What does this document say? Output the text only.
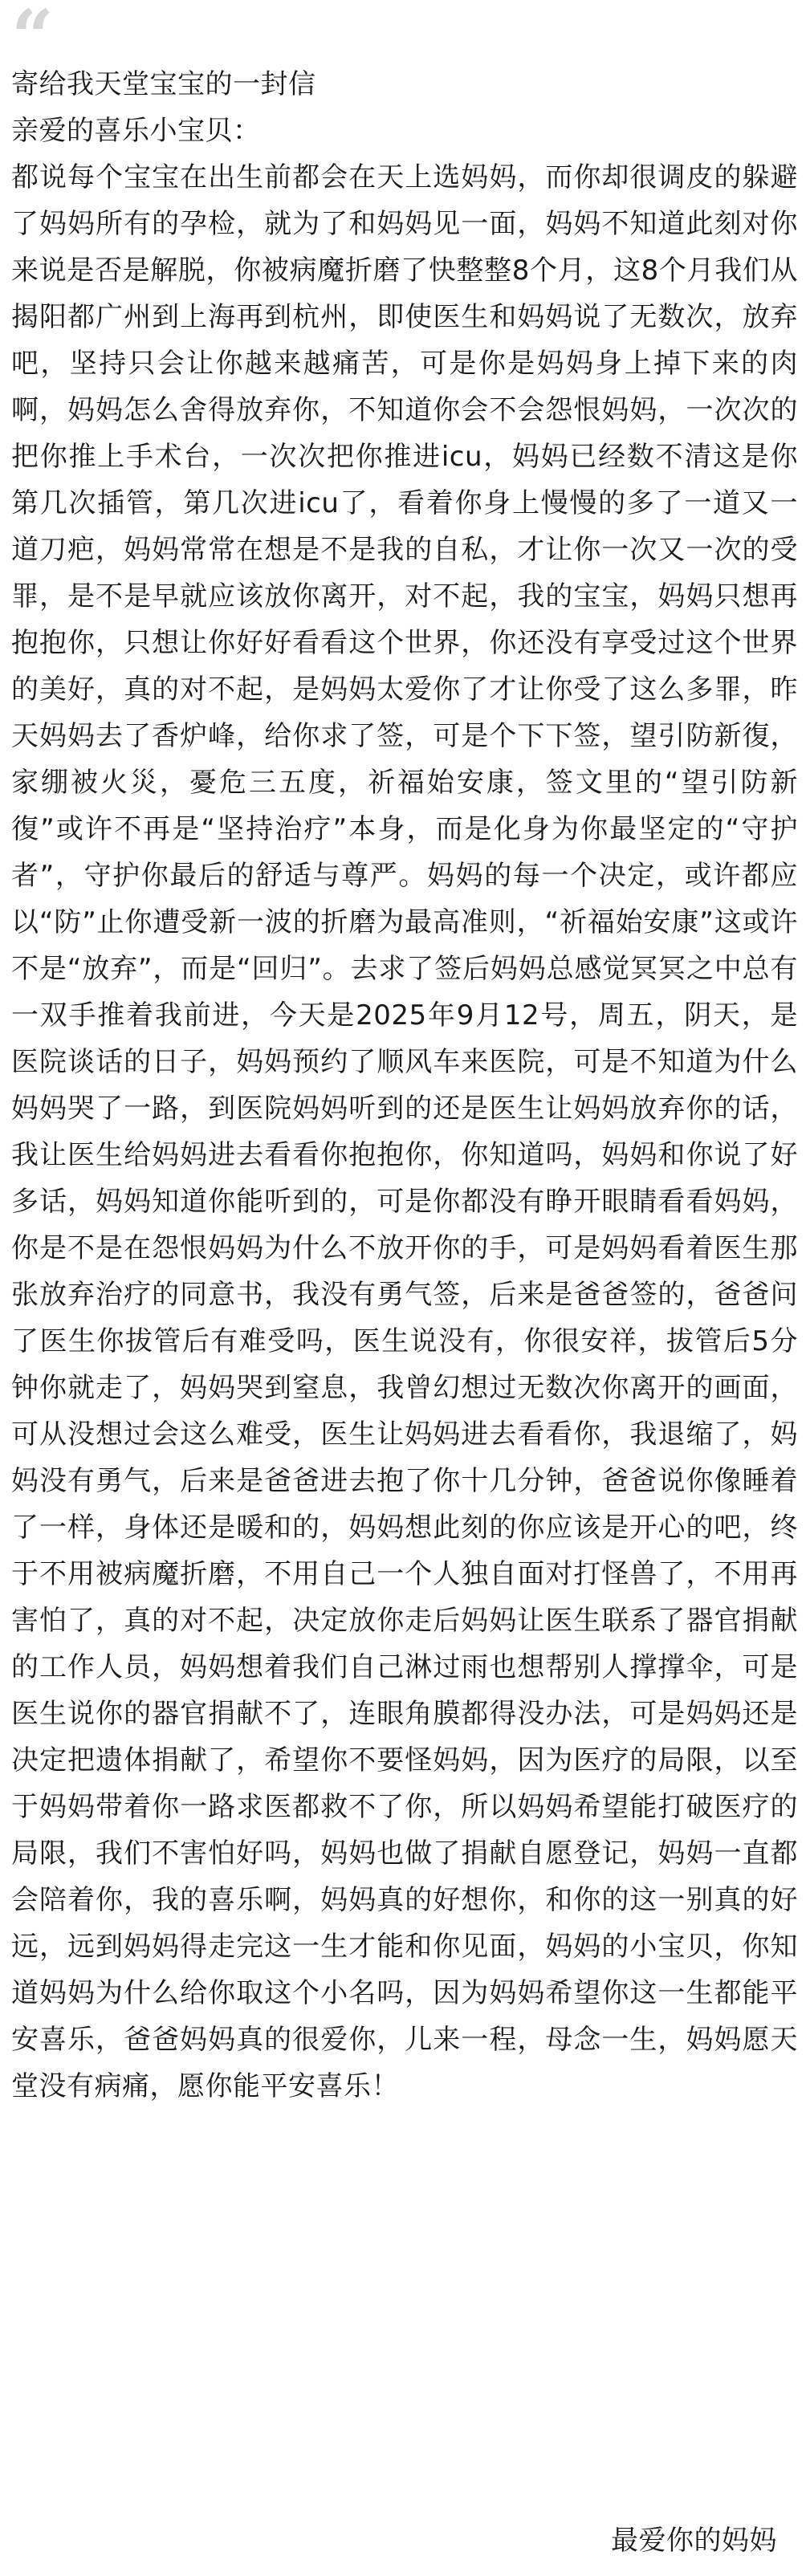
“

寄给我天堂宝宝的一封信

亲爱的喜乐小宝贝：

都说每个宝宝在出生前都会在天上选妈妈，而你却很调皮的躲避了妈妈所有的孕检，就为了和妈妈见一面，妈妈不知道此刻对你来说是否是解脱，你被病魔折磨了快整整8个月，这8个月我们从揭阳都广州到上海再到杭州，即使医生和妈妈说了无数次，放弃吧，坚持只会让你越来越痛苦，可是你是妈妈身上掉下来的肉啊，妈妈怎么舍得放弃你，不知道你会不会怨恨妈妈，一次次的把你推上手术台，一次次把你推进icu，妈妈已经数不清这是你第几次插管，第几次进icu了，看着你身上慢慢的多了一道又一道刀疤，妈妈常常在想是不是我的自私，才让你一次又一次的受罪，是不是早就应该放你离开，对不起，我的宝宝，妈妈只想再抱抱你，只想让你好好看看这个世界，你还没有享受过这个世界的美好，真的对不起，是妈妈太爱你了才让你受了这么多罪，昨天妈妈去了香炉峰，给你求了签，可是个下下签，望引防新復，家绷被火災，憂危三五度，祈福始安康，签文里的“望引防新復”或许不再是“坚持治疗”本身，而是化身为你最坚定的“守护者”，守护你最后的舒适与尊严。妈妈的每一个决定，或许都应以“防”止你遭受新一波的折磨为最高准则，“祈福始安康”这或许不是“放弃”，而是“回归”。去求了签后妈妈总感觉冥冥之中总有一双手推着我前进，今天是2025年9月12号，周五，阴天，是医院谈话的日子，妈妈预约了顺风车来医院，可是不知道为什么妈妈哭了一路，到医院妈妈听到的还是医生让妈妈放弃你的话，我让医生给妈妈进去看看你抱抱你，你知道吗，妈妈和你说了好多话，妈妈知道你能听到的，可是你都没有睁开眼睛看看妈妈，你是不是在怨恨妈妈为什么不放开你的手，可是妈妈看着医生那张放弃治疗的同意书，我没有勇气签，后来是爸爸签的，爸爸问了医生你拔管后有难受吗，医生说没有，你很安祥，拔管后5分钟你就走了，妈妈哭到窒息，我曾幻想过无数次你离开的画面，可从没想过会这么难受，医生让妈妈进去看看你，我退缩了，妈妈没有勇气，后来是爸爸进去抱了你十几分钟，爸爸说你像睡着了一样，身体还是暖和的，妈妈想此刻的你应该是开心的吧，终于不用被病魔折磨，不用自己一个人独自面对打怪兽了，不用再害怕了，真的对不起，决定放你走后妈妈让医生联系了器官捐献的工作人员，妈妈想着我们自己淋过雨也想帮别人撑撑伞，可是医生说你的器官捐献不了，连眼角膜都得没办法，可是妈妈还是决定把遗体捐献了，希望你不要怪妈妈，因为医疗的局限，以至于妈妈带着你一路求医都救不了你，所以妈妈希望能打破医疗的局限，我们不害怕好吗，妈妈也做了捐献自愿登记，妈妈一直都会陪着你，我的喜乐啊，妈妈真的好想你，和你的这一别真的好远，远到妈妈得走完这一生才能和你见面，妈妈的小宝贝，你知道妈妈为什么给你取这个小名吗，因为妈妈希望你这一生都能平安喜乐，爸爸妈妈真的很爱你，儿来一程，母念一生，妈妈愿天堂没有病痛，愿你能平安喜乐！

最爱你的妈妈
